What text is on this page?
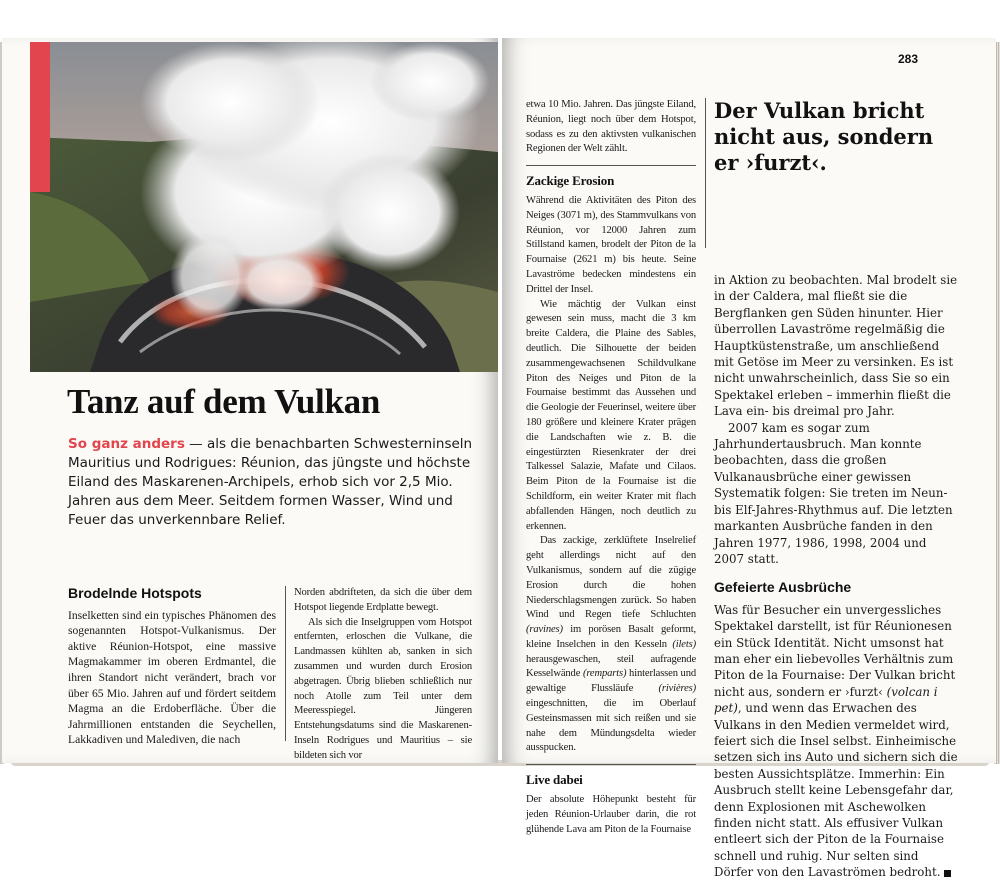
Tanz auf dem Vulkan

So ganz anders — als die benachbarten Schwesterninseln Mauritius und Rodrigues: Réunion, das jüngste und höchste Eiland des Maskarenen-Archipels, erhob sich vor 2,5 Mio. Jahren aus dem Meer. Seitdem formen Wasser, Wind und Feuer das unverkennbare Relief.

Brodelnde Hotspots

Inselketten sind ein typisches Phänomen des sogenannten Hotspot-Vulkanismus. Der aktive Réunion-Hotspot, eine massive Magmakammer im oberen Erdmantel, die ihren Standort nicht verändert, brach vor über 65 Mio. Jahren auf und fördert seitdem Magma an die Erdoberfläche. Über die Jahrmillionen entstanden die Seychellen, Lakkadiven und Malediven, die nach

Norden abdrifteten, da sich die über dem Hotspot liegende Erdplatte bewegt.

Als sich die Inselgruppen vom Hotspot entfernten, erloschen die Vulkane, die Landmassen kühlten ab, sanken in sich zusammen und wurden durch Erosion abgetragen. Übrig blieben schließlich nur noch Atolle zum Teil unter dem Meeresspiegel. Jüngeren Entstehungsdatums sind die Maskarenen-Inseln Rodrigues und Mauritius – sie bildeten sich vor

283

etwa 10 Mio. Jahren. Das jüngste Eiland, Réunion, liegt noch über dem Hotspot, sodass es zu den aktivsten vulkanischen Regionen der Welt zählt.

Zackige Erosion

Während die Aktivitäten des Piton des Neiges (3071 m), des Stammvulkans von Réunion, vor 12000 Jahren zum Stillstand kamen, brodelt der Piton de la Fournaise (2621 m) bis heute. Seine Lavaströme bedecken mindestens ein Drittel der Insel.

Wie mächtig der Vulkan einst gewesen sein muss, macht die 3 km breite Caldera, die Plaine des Sables, deutlich. Die Silhouette der beiden zusammengewachsenen Schildvulkane Piton des Neiges und Piton de la Fournaise bestimmt das Aussehen und die Geologie der Feuerinsel, weitere über 180 größere und kleinere Krater prägen die Landschaften wie z. B. die eingestürzten Riesenkrater der drei Talkessel Salazie, Mafate und Cilaos. Beim Piton de la Fournaise ist die Schildform, ein weiter Krater mit flach abfallenden Hängen, noch deutlich zu erkennen.

Das zackige, zerklüftete Inselrelief geht allerdings nicht auf den Vulkanismus, sondern auf die zügige Erosion durch die hohen Niederschlagsmengen zurück. So haben Wind und Regen tiefe Schluchten (ravines) im porösen Basalt geformt, kleine Inselchen in den Kesseln (ilets) herausgewaschen, steil aufragende Kesselwände (remparts) hinterlassen und gewaltige Flussläufe (rivières) eingeschnitten, die im Oberlauf Gesteinsmassen mit sich reißen und sie nahe dem Mündungsdelta wieder ausspucken.

Live dabei

Der absolute Höhepunkt besteht für jeden Réunion-Urlauber darin, die rot glühende Lava am Piton de la Fournaise

Der Vulkan bricht nicht aus, sondern er ›furzt‹.

in Aktion zu beobachten. Mal brodelt sie in der Caldera, mal fließt sie die Bergflanken gen Süden hinunter. Hier überrollen Lavaströme regelmäßig die Hauptküstenstraße, um anschließend mit Getöse im Meer zu versinken. Es ist nicht unwahrscheinlich, dass Sie so ein Spektakel erleben – immerhin fließt die Lava ein- bis dreimal pro Jahr.

2007 kam es sogar zum Jahrhundertausbruch. Man konnte beobachten, dass die großen Vulkanausbrüche einer gewissen Systematik folgen: Sie treten im Neun- bis Elf-Jahres-Rhythmus auf. Die letzten markanten Ausbrüche fanden in den Jahren 1977, 1986, 1998, 2004 und 2007 statt.

Gefeierte Ausbrüche

Was für Besucher ein unvergessliches Spektakel darstellt, ist für Réunionesen ein Stück Identität. Nicht umsonst hat man eher ein liebevolles Verhältnis zum Piton de la Fournaise: Der Vulkan bricht nicht aus, sondern er ›furzt‹ (volcan i pet), und wenn das Erwachen des Vulkans in den Medien vermeldet wird, feiert sich die Insel selbst. Einheimische setzen sich ins Auto und sichern sich die besten Aussichtsplätze. Immerhin: Ein Ausbruch stellt keine Lebensgefahr dar, denn Explosionen mit Aschewolken finden nicht statt. Als effusiver Vulkan entleert sich der Piton de la Fournaise schnell und ruhig. Nur selten sind Dörfer von den Lavaströmen bedroht.
